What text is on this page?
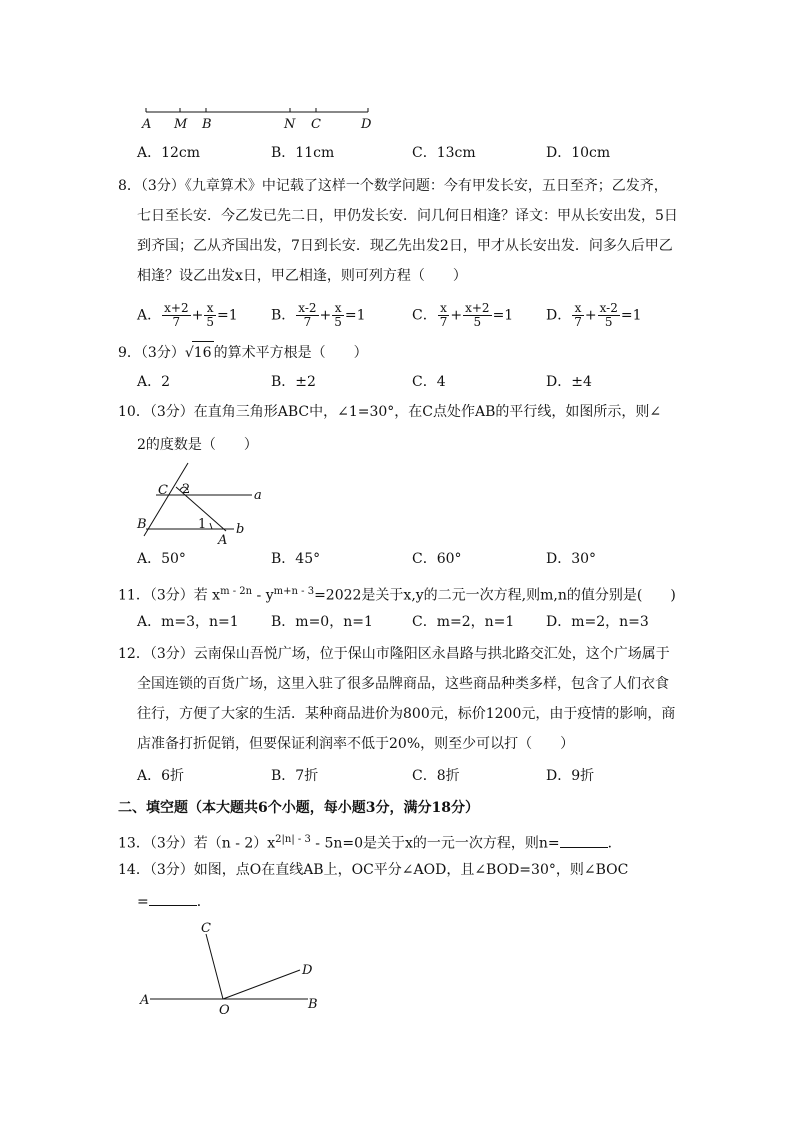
A M B	N C	D
A．12cm	B．11cm	C．13cm	D．10cm
8．（3分）《九章算术》中记载了这样一个数学问题：今有甲发长安，五日至齐；乙发齐，
七日至长安．今乙发已先二日，甲仍发长安．问几何日相逢？译文：甲从长安出发，5日
到齐国；乙从齐国出发，7日到长安．现乙先出发2日，甲才从长安出发．问多久后甲乙
相逢？设乙出发x日，甲乙相逢，则可列方程（　　）
A． $\frac{x+2}{7} + \frac{x}{5} =1$ B． $\frac{x-2}{7} + \frac{x}{5} =1$	C． $\frac{x}{7} + \frac{x+2}{5} =1$ D． $\frac{x}{7} + \frac{x-2}{5} =1$
9．（3分）√16 的算术平方根是（　　）
A．2	B．±2	C．4	D．±4
10．（3分）在直角三角形ABC中，∠1=30°，在C点处作AB的平行线，如图所示，则∠
2的度数是（　　）
C 2	a
B	1 b
A
A．50°	B．45°	C．60°	D．30°
11．（3分）若 $x^{m - 2n} - y^{m+n - 3}=2022$是关于x,y的二元一次方程,则m,n的值分别是(　　)
A．m=3，n=1 B．m=0，n=1	C．m=2，n=1 D．m=2，n=3
12．（3分）云南保山吾悦广场，位于保山市隆阳区永昌路与拱北路交汇处，这个广场属于
全国连锁的百货广场，这里入驻了很多品牌商品，这些商品种类多样，包含了人们衣食
往行，方便了大家的生活．某种商品进价为800元，标价1200元，由于疫情的影响，商
店准备打折促销，但要保证利润率不低于20%，则至少可以打（　　）
A．6折	B．7折	C．8折	D．9折
二、填空题（本大题共6个小题，每小题3分，满分18分）
13．（3分）若$(n - 2)x^{2|n| - 3} - 5n=0$是关于x的一元一次方程，则n=	．
14．（3分）如图，点O在直线AB上，OC平分∠AOD，且∠BOD=30°，则∠BOC
=	．
C
D
A
O	B
